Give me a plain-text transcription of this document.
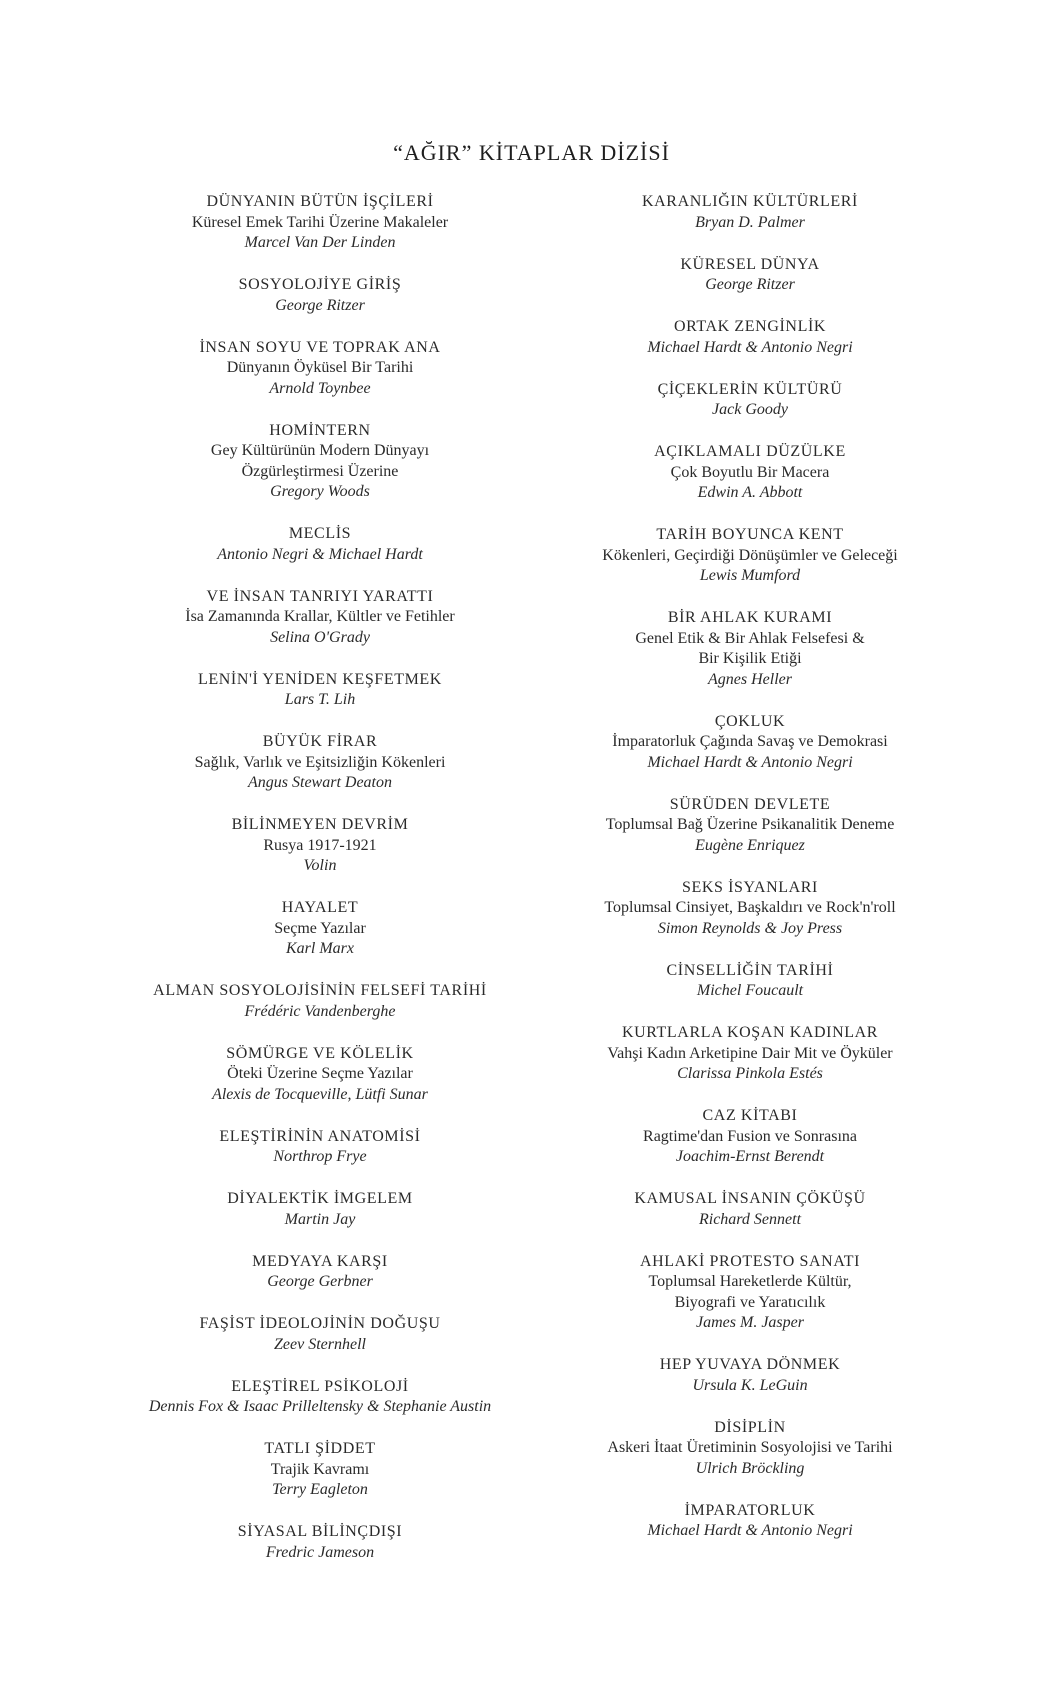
“AĞIR” KİTAPLAR DİZİSİ
DÜNYANIN BÜTÜN İŞÇİLERİ
Küresel Emek Tarihi Üzerine Makaleler
Marcel Van Der Linden
SOSYOLOJİYE GİRİŞ
George Ritzer
İNSAN SOYU VE TOPRAK ANA
Dünyanın Öyküsel Bir Tarihi
Arnold Toynbee
HOMİNTERN
Gey Kültürünün Modern Dünyayı
Özgürleştirmesi Üzerine
Gregory Woods
MECLİS
Antonio Negri & Michael Hardt
VE İNSAN TANRIYI YARATTI
İsa Zamanında Krallar, Kültler ve Fetihler
Selina O'Grady
LENİN'İ YENİDEN KEŞFETMEK
Lars T. Lih
BÜYÜK FİRAR
Sağlık, Varlık ve Eşitsizliğin Kökenleri
Angus Stewart Deaton
BİLİNMEYEN DEVRİM
Rusya 1917-1921
Volin
HAYALET
Seçme Yazılar
Karl Marx
ALMAN SOSYOLOJİSİNİN FELSEFİ TARİHİ
Frédéric Vandenberghe
SÖMÜRGE VE KÖLELİK
Öteki Üzerine Seçme Yazılar
Alexis de Tocqueville, Lütfi Sunar
ELEŞTİRİNİN ANATOMİSİ
Northrop Frye
DİYALEKTİK İMGELEM
Martin Jay
MEDYAYA KARŞI
George Gerbner
FAŞİST İDEOLOJİNİN DOĞUŞU
Zeev Sternhell
ELEŞTİREL PSİKOLOJİ
Dennis Fox & Isaac Prilleltensky & Stephanie Austin
TATLI ŞİDDET
Trajik Kavramı
Terry Eagleton
SİYASAL BİLİNÇDIŞI
Fredric Jameson
KARANLIĞIN KÜLTÜRLERİ
Bryan D. Palmer
KÜRESEL DÜNYA
George Ritzer
ORTAK ZENGİNLİK
Michael Hardt & Antonio Negri
ÇİÇEKLERİN KÜLTÜRÜ
Jack Goody
AÇIKLAMALI DÜZÜLKE
Çok Boyutlu Bir Macera
Edwin A. Abbott
TARİH BOYUNCA KENT
Kökenleri, Geçirdiği Dönüşümler ve Geleceği
Lewis Mumford
BİR AHLAK KURAMI
Genel Etik & Bir Ahlak Felsefesi &
Bir Kişilik Etiği
Agnes Heller
ÇOKLUK
İmparatorluk Çağında Savaş ve Demokrasi
Michael Hardt & Antonio Negri
SÜRÜDEN DEVLETE
Toplumsal Bağ Üzerine Psikanalitik Deneme
Eugène Enriquez
SEKS İSYANLARI
Toplumsal Cinsiyet, Başkaldırı ve Rock'n'roll
Simon Reynolds & Joy Press
CİNSELLİĞİN TARİHİ
Michel Foucault
KURTLARLA KOŞAN KADINLAR
Vahşi Kadın Arketipine Dair Mit ve Öyküler
Clarissa Pinkola Estés
CAZ KİTABI
Ragtime'dan Fusion ve Sonrasına
Joachim-Ernst Berendt
KAMUSAL İNSANIN ÇÖKÜŞÜ
Richard Sennett
AHLAKİ PROTESTO SANATI
Toplumsal Hareketlerde Kültür,
Biyografi ve Yaratıcılık
James M. Jasper
HEP YUVAYA DÖNMEK
Ursula K. LeGuin
DİSİPLİN
Askeri İtaat Üretiminin Sosyolojisi ve Tarihi
Ulrich Bröckling
İMPARATORLUK
Michael Hardt & Antonio Negri
